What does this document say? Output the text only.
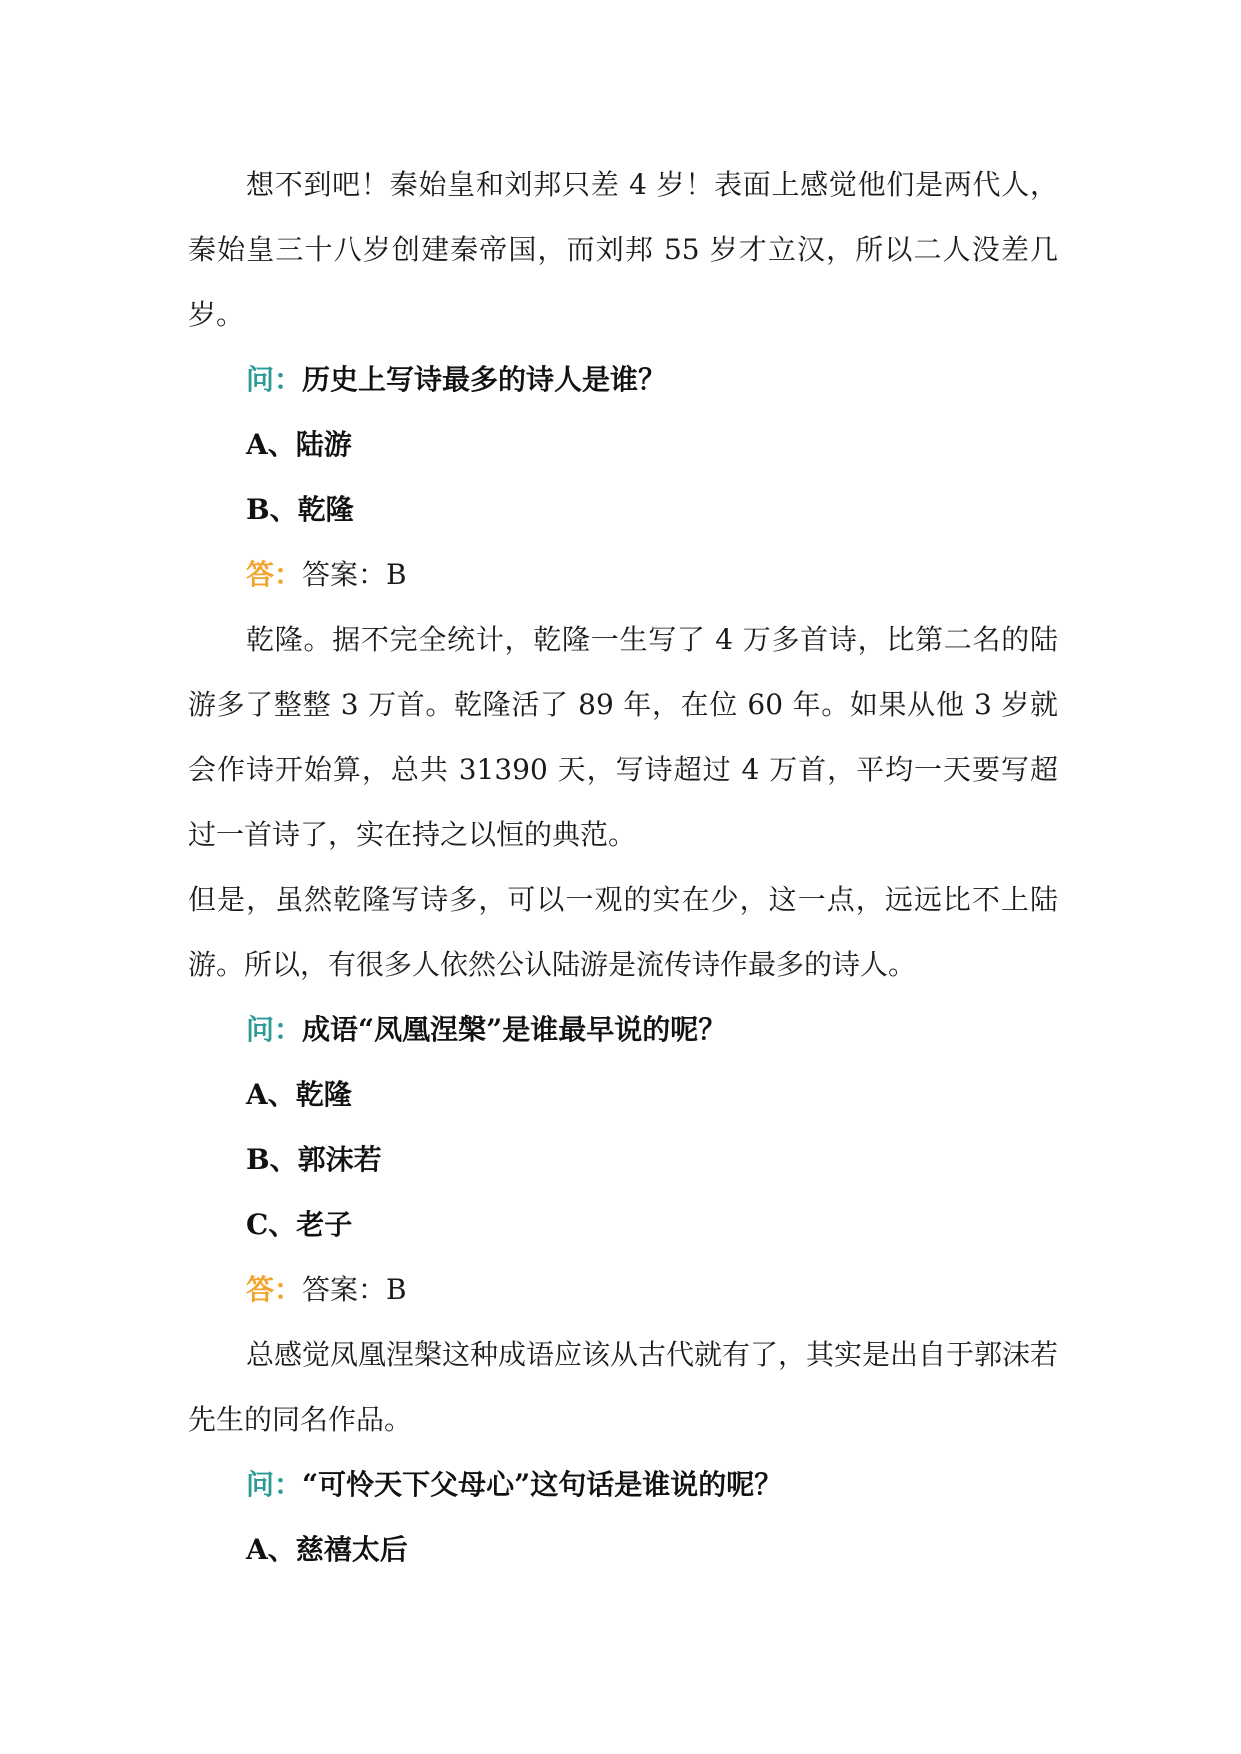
想不到吧！秦始皇和刘邦只差 4 岁！表面上感觉他们是两代人，秦始皇三十八岁创建秦帝国，而刘邦 55 岁才立汉，所以二人没差几岁。

问：历史上写诗最多的诗人是谁？
A、陆游
B、乾隆
答：答案：B

乾隆。据不完全统计，乾隆一生写了 4 万多首诗，比第二名的陆游多了整整 3 万首。乾隆活了 89 年，在位 60 年。如果从他 3 岁就会作诗开始算，总共 31390 天，写诗超过 4 万首，平均一天要写超过一首诗了，实在持之以恒的典范。

但是，虽然乾隆写诗多，可以一观的实在少，这一点，远远比不上陆游。所以，有很多人依然公认陆游是流传诗作最多的诗人。

问：成语“凤凰涅槃”是谁最早说的呢？
A、乾隆
B、郭沫若
C、老子
答：答案：B

总感觉凤凰涅槃这种成语应该从古代就有了，其实是出自于郭沫若先生的同名作品。

问：“可怜天下父母心”这句话是谁说的呢？
A、慈禧太后
